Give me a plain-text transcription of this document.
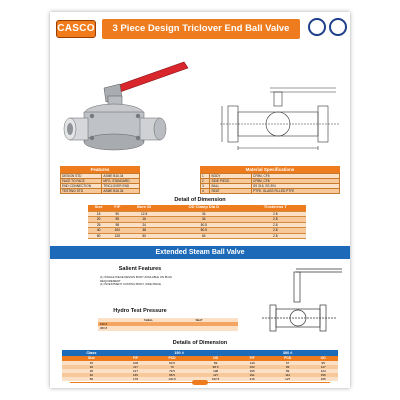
CASCO	3 Piece Design Triclover End Ball Valve
Features
DESIGN STD	ASME B16.34
FACE TO FACE	MFG. STANDARD
END CONNECTION	TRICLOVER END
TESTING STD	ASME B16.34
Material Specifications
1	BODY	CF8M, CF8
2	SIDE PIECE	CF8M, CF8
3	BALL	SS 316, SS 304
4	SEAT	PTFE, GLASS FILLED PTFE
Detail of Dimension
Size	F/F	Bore ID	OD Clamp Dia D	Thickness T
15	90	12.5	34	2.8
20	95	16	34	2.8
25	98	24	50.5	2.8
40	100	38	50.5	2.8
50	125	50	64	2.8
Extended Steam Ball Valve
Salient Features
(1) SINGLE PIECE DESIGN BODY AVAILABLE ON BULK
REQUIREMENT
(1) INVESTMENT CASTING BODY, SIDE PIECE
Hydro Test Pressure
	SHELL	SEAT
150 #		
300 #		
Details of Dimension
Class	150 #			300 #		
Size	F/F	PCD	OD	F/F	PCD	OD
15	108	60.5	89	140	67	95
20	117	70	98.5	152	83	117
25	127	79.5	108	165	89	124
40	165	98.5	127	191	114	156
50	178	120.5	152.5	216	127	165
